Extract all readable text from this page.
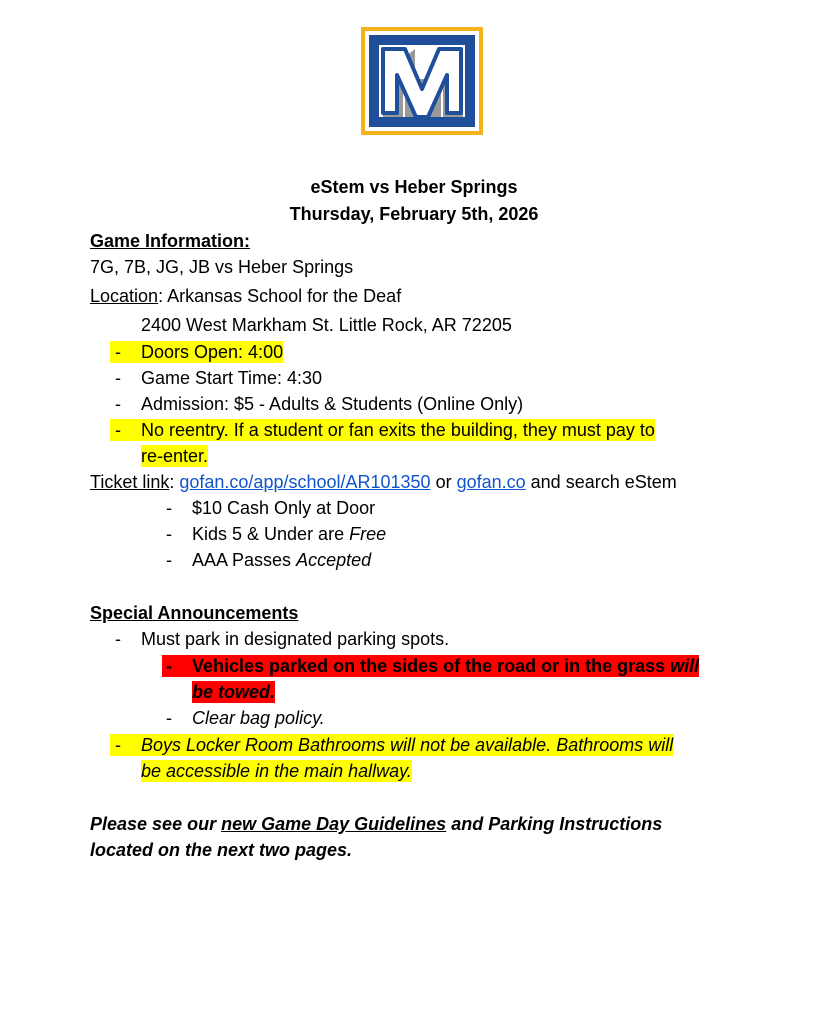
eStem vs Heber Springs
Thursday, February 5th, 2026
Game Information:
7G, 7B, JG, JB vs Heber Springs
Location: Arkansas School for the Deaf
2400 West Markham St. Little Rock, AR 72205
-	Doors Open: 4:00
- Game Start Time: 4:30
- Admission: $5 - Adults & Students (Online Only)
-	No reentry. If a student or fan exits the building, they must pay to
re-enter.
Ticket link: gofan.co/app/school/AR101350 or gofan.co and search eStem
- $10 Cash Only at Door
- Kids 5 & Under are Free
- AAA Passes Accepted
Special Announcements
- Must park in designated parking spots.
-	Vehicles parked on the sides of the road or in the grass will
be towed.
- Clear bag policy.
-	Boys Locker Room Bathrooms will not be available. Bathrooms will
be accessible in the main hallway.
Please see our new Game Day Guidelines and Parking Instructions
located on the next two pages.
